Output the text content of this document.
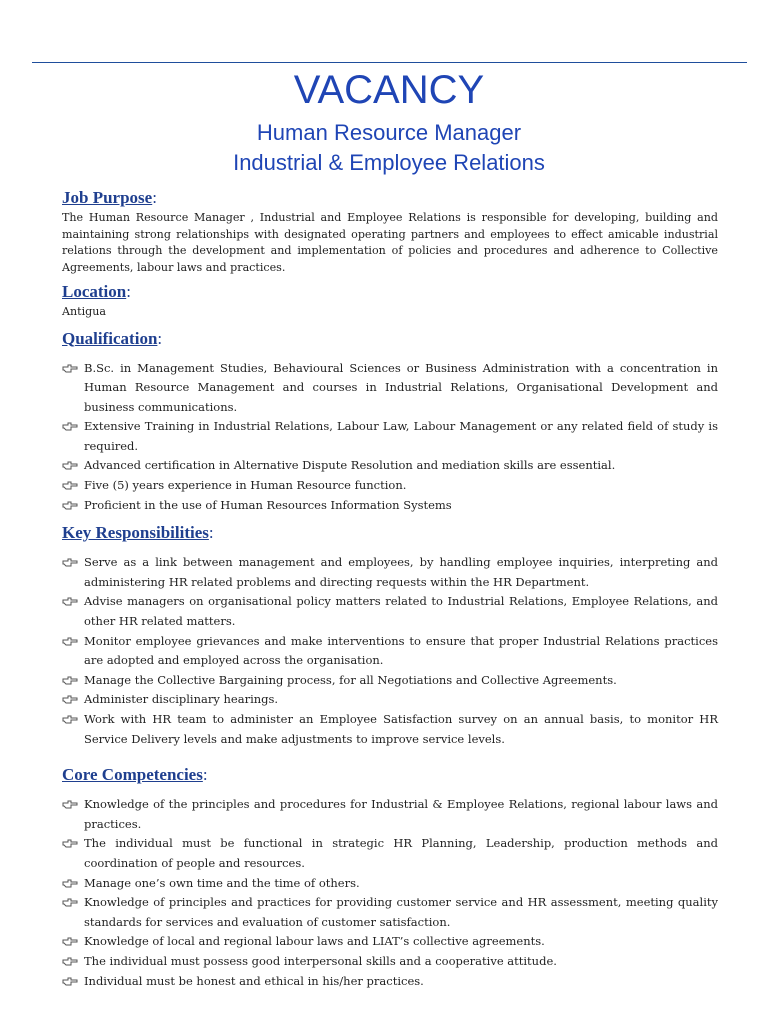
VACANCY
Human Resource Manager
Industrial & Employee Relations
Job Purpose:

The Human Resource Manager , Industrial and Employee Relations is responsible for developing, building and maintaining strong relationships with designated operating partners and employees to effect amicable industrial relations through the development and implementation of policies and procedures and adherence to Collective Agreements, labour laws and practices.

Location:

Antigua

Qualification:
B.Sc. in Management Studies, Behavioural Sciences or Business Administration with a concentration in Human Resource Management and courses in Industrial Relations, Organisational Development and business communications.
Extensive Training in Industrial Relations, Labour Law, Labour Management or any related field of study is required.
Advanced certification in Alternative Dispute Resolution and mediation skills are essential.
Five (5) years experience in Human Resource function.
Proficient in the use of Human Resources Information Systems
Key Responsibilities:
Serve as a link between management and employees, by handling employee inquiries, interpreting and administering HR related problems and directing requests within the HR Department.
Advise managers on organisational policy matters related to Industrial Relations, Employee Relations, and other HR related matters.
Monitor employee grievances and make interventions to ensure that proper Industrial Relations practices are adopted and employed across the organisation.
Manage the Collective Bargaining process, for all Negotiations and Collective Agreements.
Administer disciplinary hearings.
Work with HR team to administer an Employee Satisfaction survey on an annual basis, to monitor HR Service Delivery levels and make adjustments to improve service levels.
Core Competencies:
Knowledge of the principles and procedures for Industrial & Employee Relations, regional labour laws and practices.
The individual must be functional in strategic HR Planning, Leadership, production methods and coordination of people and resources.
Manage one’s own time and the time of others.
Knowledge of principles and practices for providing customer service and HR assessment, meeting quality standards for services and evaluation of customer satisfaction.
Knowledge of local and regional labour laws and LIAT’s collective agreements.
The individual must possess good interpersonal skills and a cooperative attitude.
Individual must be honest and ethical in his/her practices.
